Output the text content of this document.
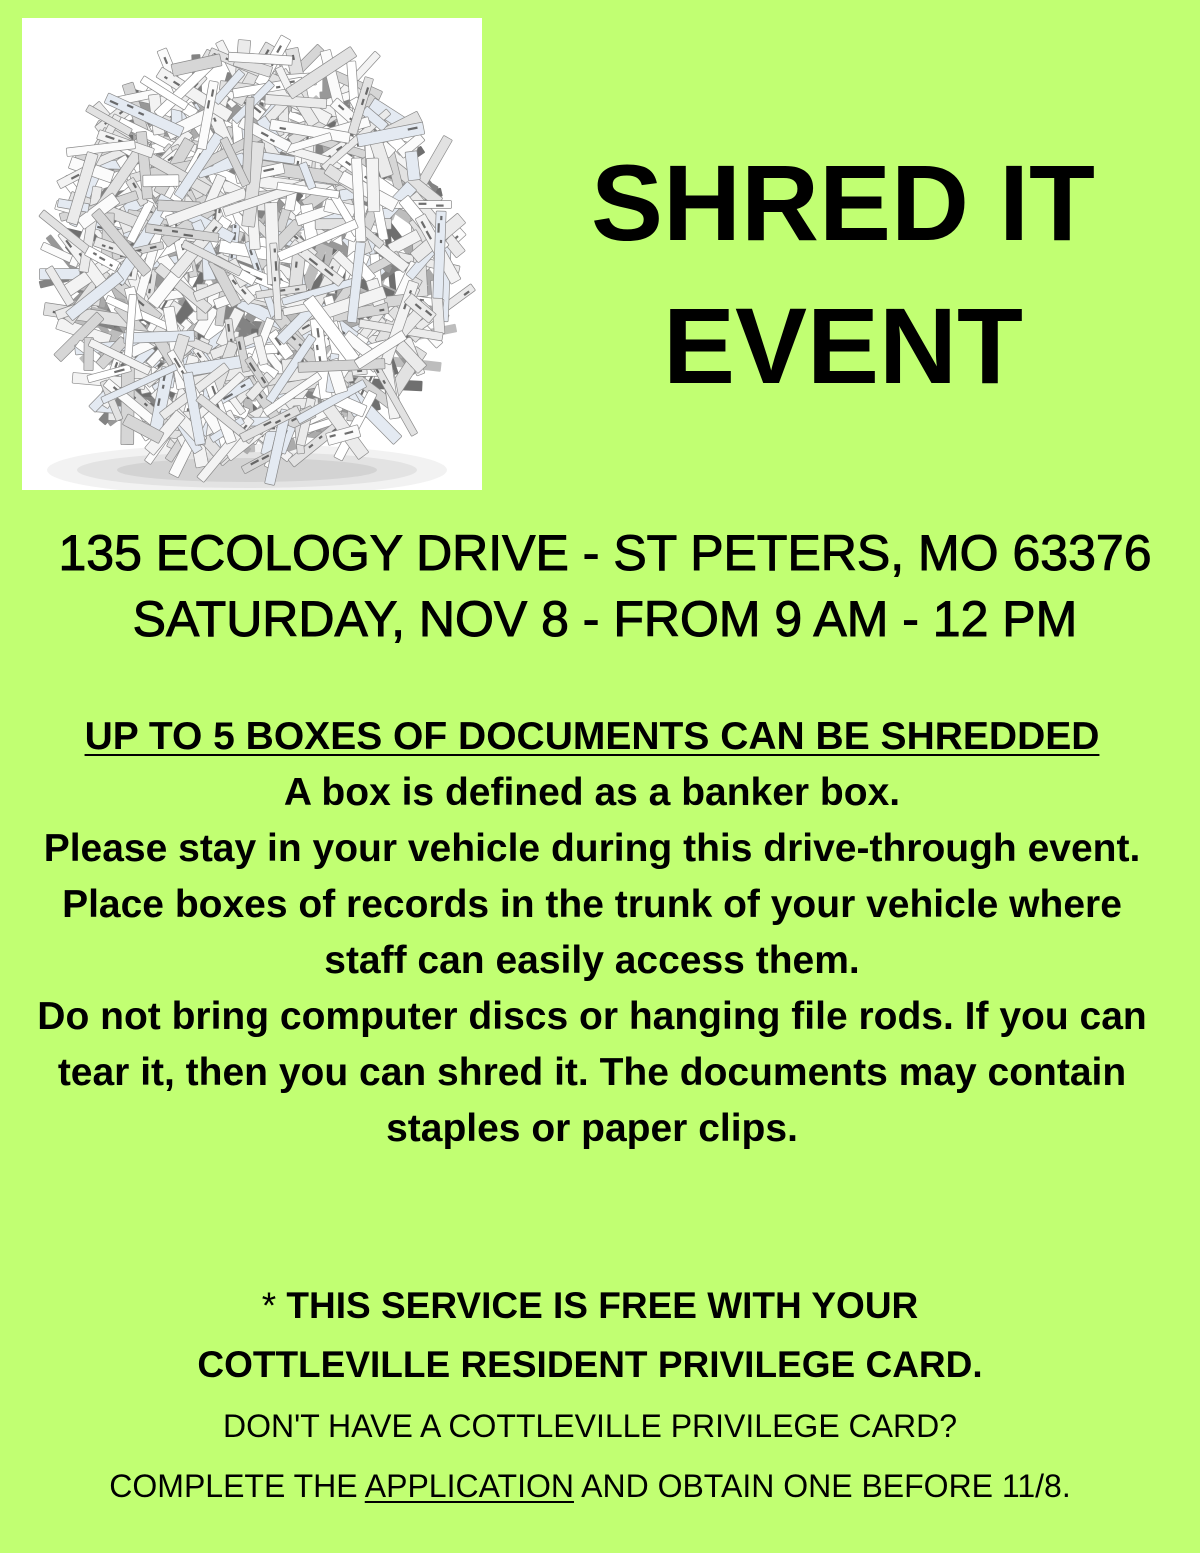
SHRED IT
EVENT
135 ECOLOGY DRIVE - ST PETERS, MO 63376
SATURDAY, NOV 8 - FROM 9 AM - 12 PM
UP TO 5 BOXES OF DOCUMENTS CAN BE SHREDDED
A box is defined as a banker box.
Please stay in your vehicle during this drive-through event.
Place boxes of records in the trunk of your vehicle where
staff can easily access them.
Do not bring computer discs or hanging file rods. If you can
tear it, then you can shred it. The documents may contain
staples or paper clips.
* THIS SERVICE IS FREE WITH YOUR
COTTLEVILLE RESIDENT PRIVILEGE CARD.
DON'T HAVE A COTTLEVILLE PRIVILEGE CARD?
COMPLETE THE APPLICATION AND OBTAIN ONE BEFORE 11/8.
